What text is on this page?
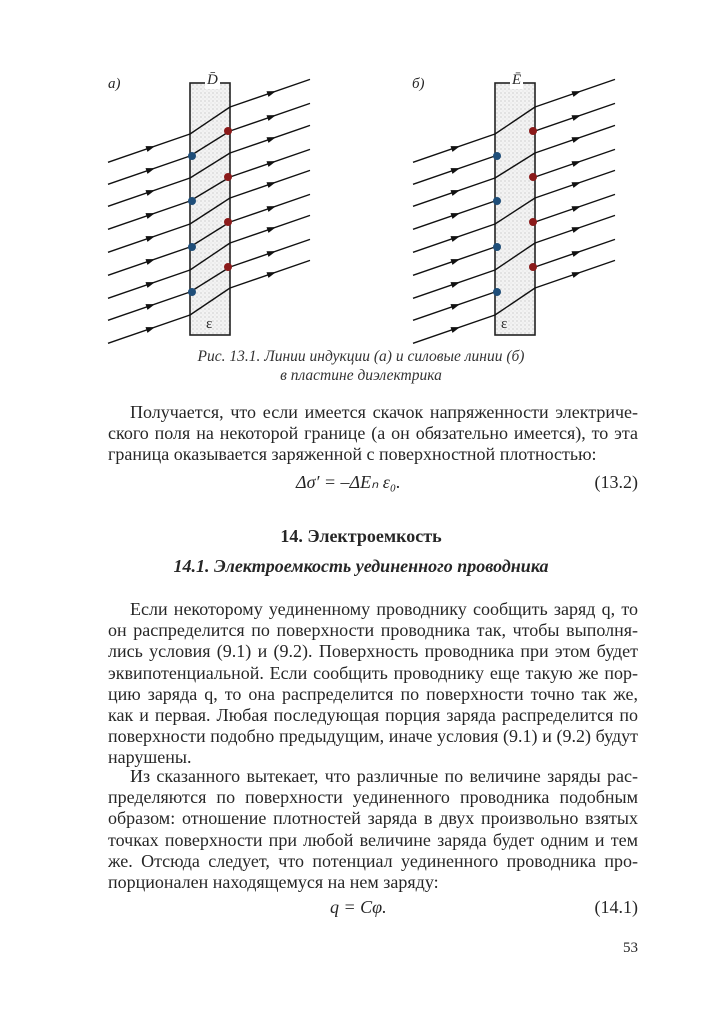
а)	б)
D̄	Ē
ε	ε
Рис. 13.1. Линии индукции (а) и силовые линии (б)
в пластине диэлектрика
Получается, что если имеется скачок напряженности электриче-
ского поля на некоторой границе (а он обязательно имеется), то эта
граница оказывается заряженной с поверхностной плотностью:
Δσ′ = –ΔEₙ ε₀.	(13.2)
14. Электроемкость
14.1. Электроемкость уединенного проводника
Если некоторому уединенному проводнику сообщить заряд q, то
он распределится по поверхности проводника так, чтобы выполня-
лись условия (9.1) и (9.2). Поверхность проводника при этом будет
эквипотенциальной. Если сообщить проводнику еще такую же пор-
цию заряда q, то она распределится по поверхности точно так же,
как и первая. Любая последующая порция заряда распределится по
поверхности подобно предыдущим, иначе условия (9.1) и (9.2) будут
нарушены.
Из сказанного вытекает, что различные по величине заряды рас-
пределяются по поверхности уединенного проводника подобным
образом: отношение плотностей заряда в двух произвольно взятых
точках поверхности при любой величине заряда будет одним и тем
же. Отсюда следует, что потенциал уединенного проводника про-
порционален находящемуся на нем заряду:
q = Cφ.	(14.1)
53
